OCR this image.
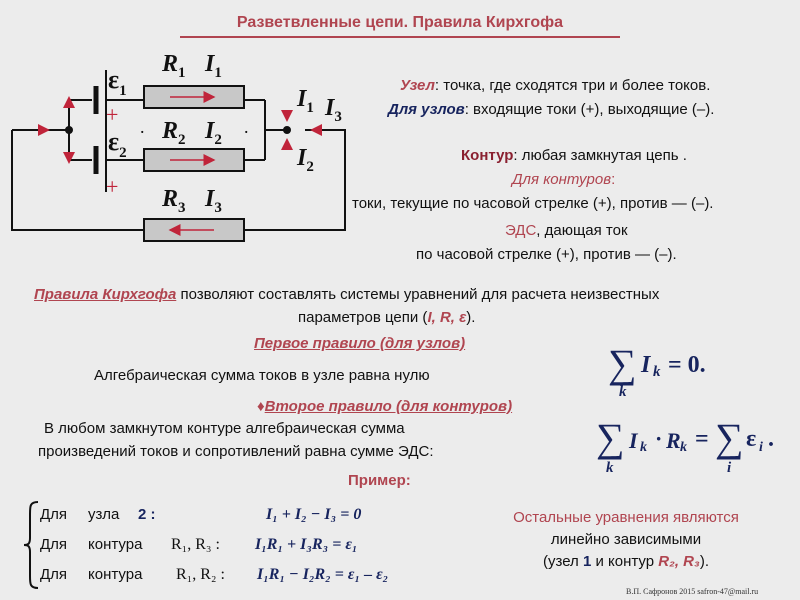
Разветвленные цепи. Правила Кирхгофа
$\varepsilon_1$
+
$\varepsilon_2$
+
$R_1$ $I_1$
. $R_2$ $I_2$
.
$R_3$ $I_3$
$I_1$ $I_3$
$I_2$
Узел: точка, где сходятся три и более токов.
Для узлов: входящие токи (+), выходящие (–).
Контур: любая замкнутая цепь .
Для контуров:
токи, текущие по часовой стрелке (+), против — (–).
ЭДС, дающая ток
по часовой стрелке (+), против — (–).
Правила Кирхгофа позволяют составлять системы уравнений для расчета неизвестных
параметров цепи (I, R, ε).
Первое правило (для узлов)
Алгебраическая сумма токов в узле равна нулю	∑
k
I k = 0.
♦Второе правило (для контуров)
В любом замкнутом контуре алгебраическая сумма
произведений токов и сопротивлений равна сумме ЭДС:	∑
k
I k · R k = ∑
i
ε i .
Пример:
Для узла 2 :	I₁ + I₂ − I₃ = 0
Для контура R₁, R₃ : I₁R₁ + I₃R₃ = ε₁
Для контура R₁, R₂ : I₁R₁ − I₂R₂ = ε₁ – ε₂
Остальные уравнения являются
линейно зависимыми
(узел 1 и контур R₂, R₃).
В.П. Сафронов 2015 safron-47@mail.ru
